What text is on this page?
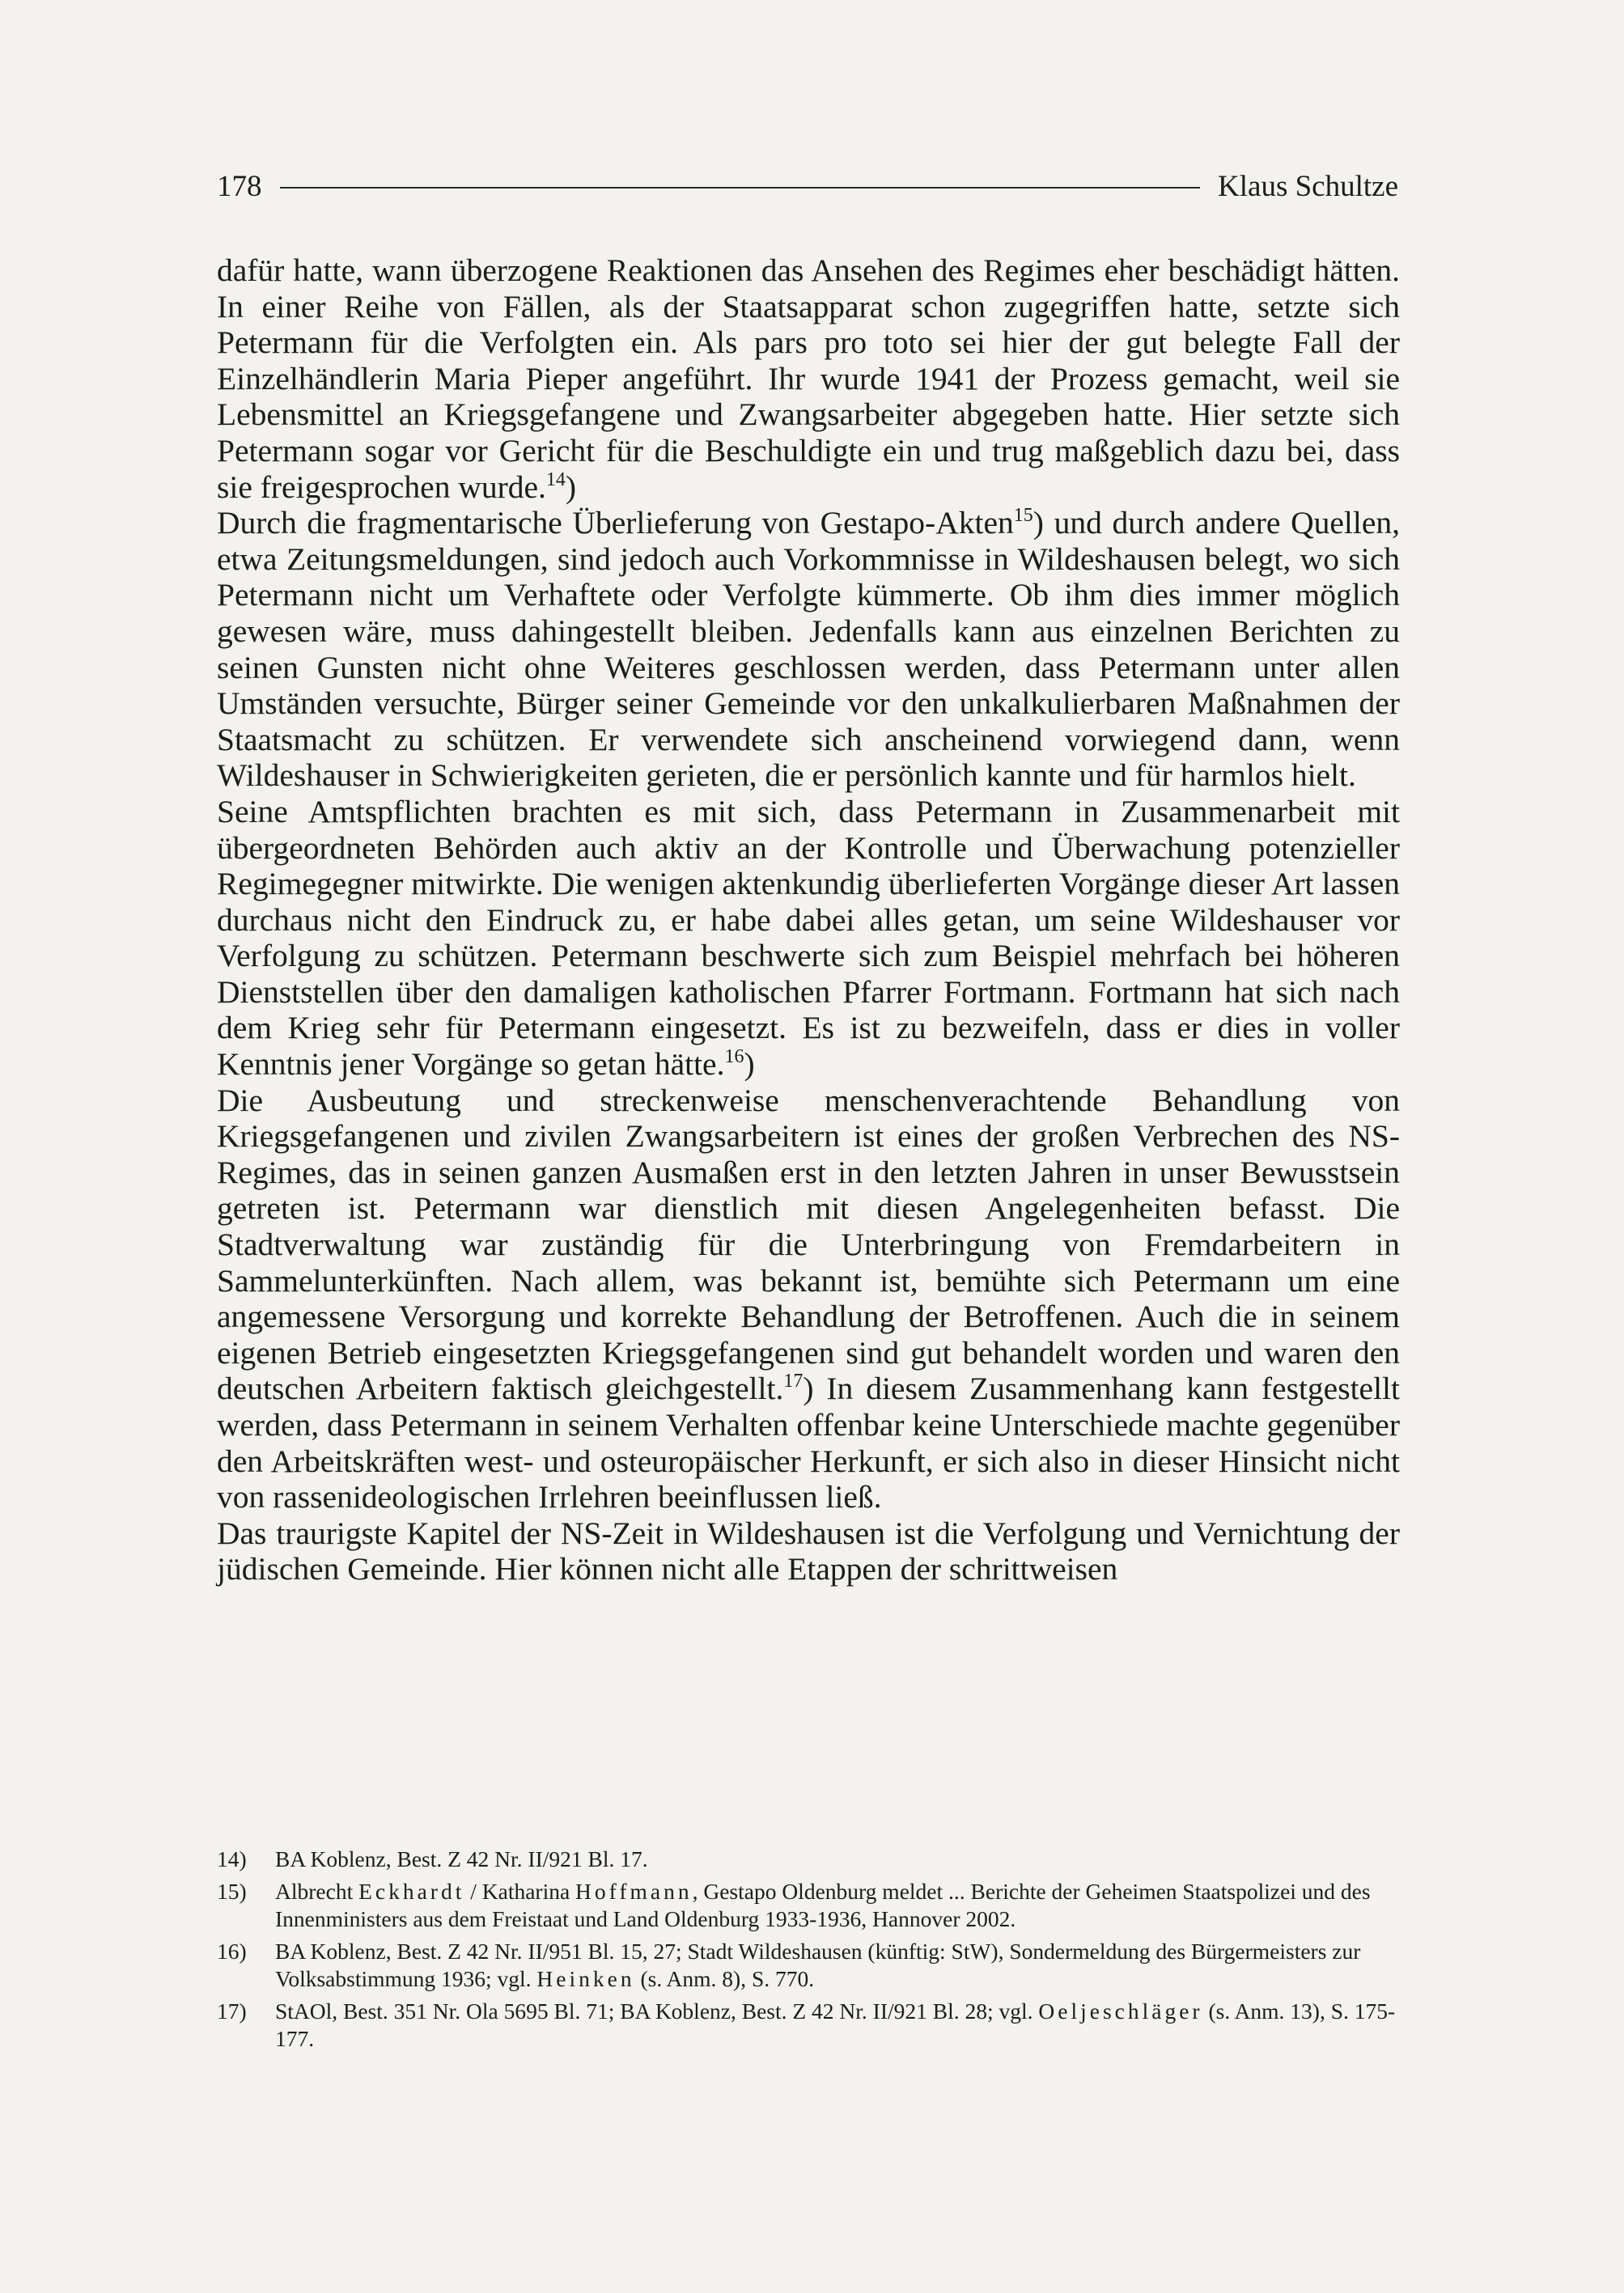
178	Klaus Schultze

dafür hatte, wann überzogene Reaktionen das Ansehen des Regimes eher beschädigt hätten. In einer Reihe von Fällen, als der Staatsapparat schon zugegriffen hatte, setzte sich Petermann für die Verfolgten ein. Als pars pro toto sei hier der gut belegte Fall der Einzelhändlerin Maria Pieper angeführt. Ihr wurde 1941 der Prozess gemacht, weil sie Lebensmittel an Kriegsgefangene und Zwangsarbeiter abgegeben hatte. Hier setzte sich Petermann sogar vor Gericht für die Beschuldigte ein und trug maßgeblich dazu bei, dass sie freigesprochen wurde.$^{14}$)

Durch die fragmentarische Überlieferung von Gestapo-Akten$^{15}$) und durch andere Quellen, etwa Zeitungsmeldungen, sind jedoch auch Vorkommnisse in Wildeshausen belegt, wo sich Petermann nicht um Verhaftete oder Verfolgte kümmerte. Ob ihm dies immer möglich gewesen wäre, muss dahingestellt bleiben. Jedenfalls kann aus einzelnen Berichten zu seinen Gunsten nicht ohne Weiteres geschlossen werden, dass Petermann unter allen Umständen versuchte, Bürger seiner Gemeinde vor den unkalkulierbaren Maßnahmen der Staatsmacht zu schützen. Er verwendete sich anscheinend vorwiegend dann, wenn Wildeshauser in Schwierigkeiten gerieten, die er persönlich kannte und für harmlos hielt.

Seine Amtspflichten brachten es mit sich, dass Petermann in Zusammenarbeit mit übergeordneten Behörden auch aktiv an der Kontrolle und Überwachung potenzieller Regimegegner mitwirkte. Die wenigen aktenkundig überlieferten Vorgänge dieser Art lassen durchaus nicht den Eindruck zu, er habe dabei alles getan, um seine Wildeshauser vor Verfolgung zu schützen. Petermann beschwerte sich zum Beispiel mehrfach bei höheren Dienststellen über den damaligen katholischen Pfarrer Fortmann. Fortmann hat sich nach dem Krieg sehr für Petermann eingesetzt. Es ist zu bezweifeln, dass er dies in voller Kenntnis jener Vorgänge so getan hätte.$^{16}$)

Die Ausbeutung und streckenweise menschenverachtende Behandlung von Kriegsgefangenen und zivilen Zwangsarbeitern ist eines der großen Verbrechen des NS-Regimes, das in seinen ganzen Ausmaßen erst in den letzten Jahren in unser Bewusstsein getreten ist. Petermann war dienstlich mit diesen Angelegenheiten befasst. Die Stadtverwaltung war zuständig für die Unterbringung von Fremdarbeitern in Sammelunterkünften. Nach allem, was bekannt ist, bemühte sich Petermann um eine angemessene Versorgung und korrekte Behandlung der Betroffenen. Auch die in seinem eigenen Betrieb eingesetzten Kriegsgefangenen sind gut behandelt worden und waren den deutschen Arbeitern faktisch gleichgestellt.$^{17}$) In diesem Zusammenhang kann festgestellt werden, dass Petermann in seinem Verhalten offenbar keine Unterschiede machte gegenüber den Arbeitskräften west- und osteuropäischer Herkunft, er sich also in dieser Hinsicht nicht von rassenideologischen Irrlehren beeinflussen ließ.

Das traurigste Kapitel der NS-Zeit in Wildeshausen ist die Verfolgung und Vernichtung der jüdischen Gemeinde. Hier können nicht alle Etappen der schrittweisen

14)	BA Koblenz, Best. Z 42 Nr. II/921 Bl. 17.
15)	Albrecht Eckhardt / Katharina Hoffmann, Gestapo Oldenburg meldet ... Berichte der Geheimen Staatspolizei und des Innenministers aus dem Freistaat und Land Oldenburg 1933-1936, Hannover 2002.
16)	BA Koblenz, Best. Z 42 Nr. II/951 Bl. 15, 27; Stadt Wildeshausen (künftig: StW), Sondermeldung des Bürgermeisters zur Volksabstimmung 1936; vgl. Heinken (s. Anm. 8), S. 770.
17)	StAOl, Best. 351 Nr. Ola 5695 Bl. 71; BA Koblenz, Best. Z 42 Nr. II/921 Bl. 28; vgl. Oeljeschläger (s. Anm. 13), S. 175-177.
